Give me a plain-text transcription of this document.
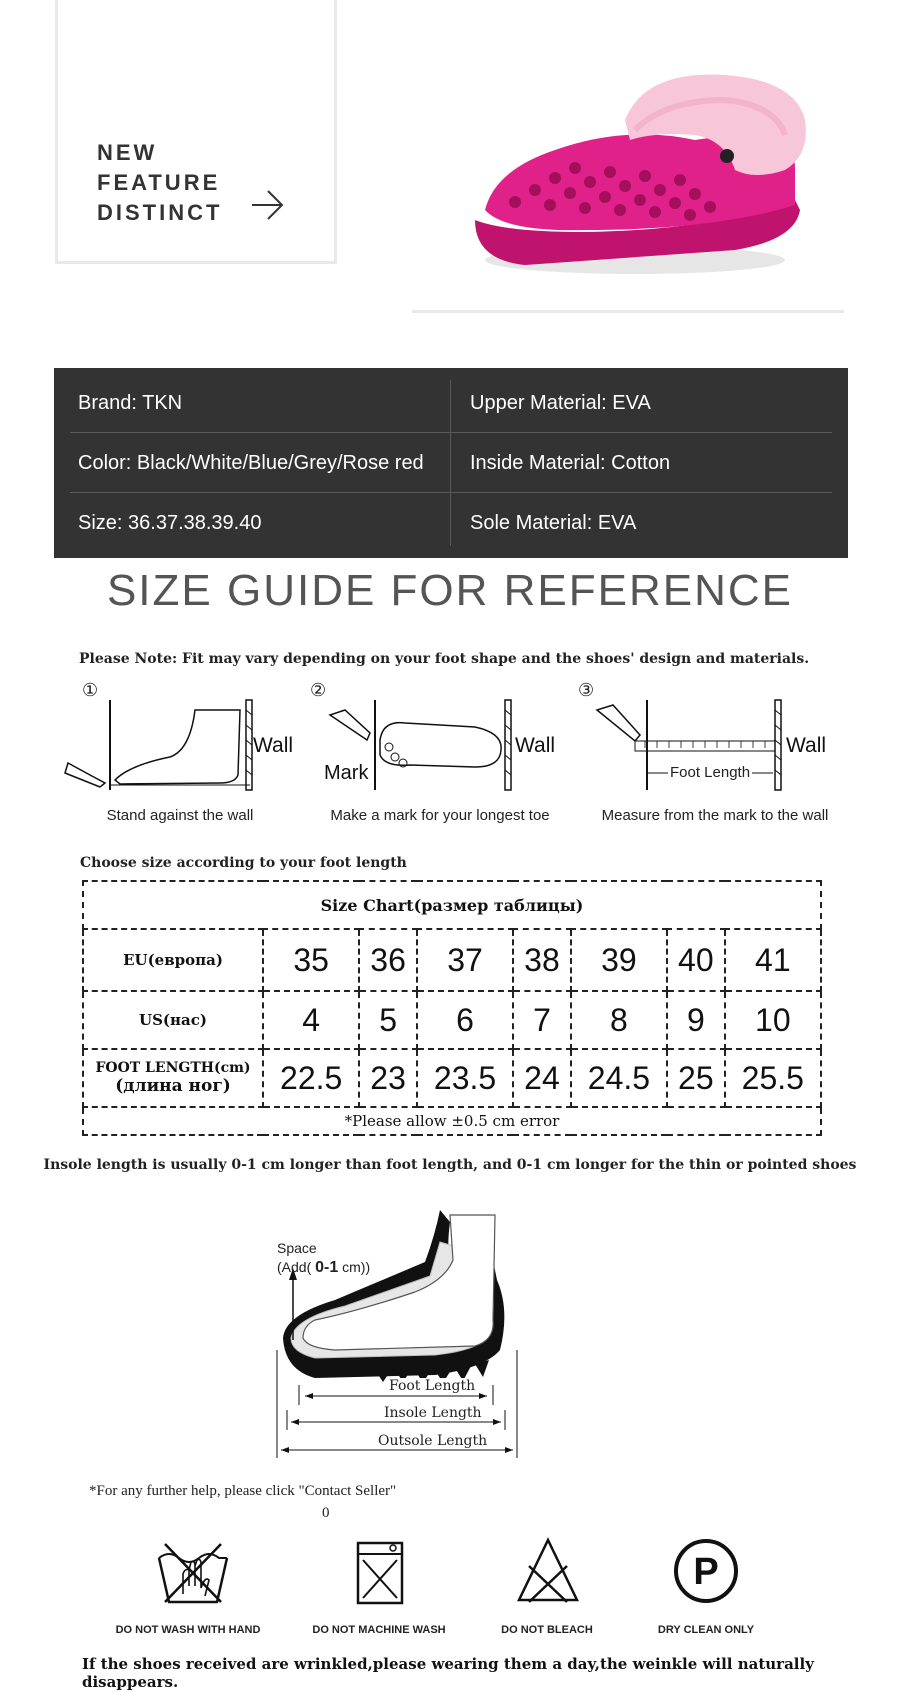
NEW
FEATURE
DISTINCT
Brand: TKN	Upper Material: EVA
Color: Black/White/Blue/Grey/Rose red Inside Material: Cotton
Size: 36.37.38.39.40	Sole Material: EVA
SIZE GUIDE FOR REFERENCE
Please Note: Fit may vary depending on your foot shape and the shoes' design and materials.
①
Wall
Stand against the wall
②
Wall
Mark
Make a mark for your longest toe
③
Wall
Foot Length
Measure from the mark to the wall
Choose size according to your foot length
Size Chart(размер таблицы)							
EU(европа)	35	36	37	38	39	40	41
US(нас)	4	5	6	7	8	9	10

FOOT LENGTH(cm)
(длина ног)	22.5	23	23.5	24	24.5	25	25.5
*Please allow ±0.5 cm error							
Insole length is usually 0-1 cm longer than foot length, and 0-1 cm longer for the thin or pointed shoes
Space
(Add( 0-1 cm))
Foot Length
Insole Length
Outsole Length
*For any further help, please click "Contact Seller"
0
P
DO NOT WASH WITH HAND	DO NOT MACHINE WASH	DO NOT BLEACH	DRY CLEAN ONLY
If the shoes received are wrinkled,please wearing them a day,the weinkle will naturally disappears.
